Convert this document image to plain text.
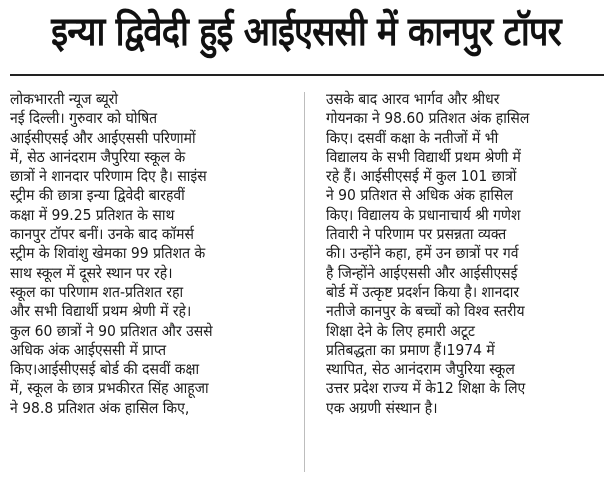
इन्या द्विवेदी हुई आईएससी में कानपुर टॉपर
लोकभारती न्यूज ब्यूरो
नई दिल्ली। गुरुवार को घोषित
आईसीएसई और आईएससी परिणामों
में, सेठ आनंदराम जैपुरिया स्कूल के
छात्रों ने शानदार परिणाम दिए है। साइंस
स्ट्रीम की छात्रा इन्या द्विवेदी बारहवीं
कक्षा में 99.25 प्रतिशत के साथ
कानपुर टॉपर बनीं। उनके बाद कॉमर्स
स्ट्रीम के शिवांशु खेमका 99 प्रतिशत के
साथ स्कूल में दूसरे स्थान पर रहे।
स्कूल का परिणाम शत-प्रतिशत रहा
और सभी विद्यार्थी प्रथम श्रेणी में रहे।
कुल 60 छात्रों ने 90 प्रतिशत और उससे
अधिक अंक आईएससी में प्राप्त
किए।आईसीएसई बोर्ड की दसवीं कक्षा
में, स्कूल के छात्र प्रभकीरत सिंह आहूजा
ने 98.8 प्रतिशत अंक हासिल किए,
उसके बाद आरव भार्गव और श्रीधर
गोयनका ने 98.60 प्रतिशत अंक हासिल
किए। दसवीं कक्षा के नतीजों में भी
विद्यालय के सभी विद्यार्थी प्रथम श्रेणी में
रहे हैं। आईसीएसई में कुल 101 छात्रों
ने 90 प्रतिशत से अधिक अंक हासिल
किए। विद्यालय के प्रधानाचार्य श्री गणेश
तिवारी ने परिणाम पर प्रसन्नता व्यक्त
की। उन्होंने कहा, हमें उन छात्रों पर गर्व
है जिन्होंने आईएससी और आईसीएसई
बोर्ड में उत्कृष्ट प्रदर्शन किया है। शानदार
नतीजे कानपुर के बच्चों को विश्व स्तरीय
शिक्षा देने के लिए हमारी अटूट
प्रतिबद्धता का प्रमाण हैं।1974 में
स्थापित, सेठ आनंदराम जैपुरिया स्कूल
उत्तर प्रदेश राज्य में के12 शिक्षा के लिए
एक अग्रणी संस्थान है।
